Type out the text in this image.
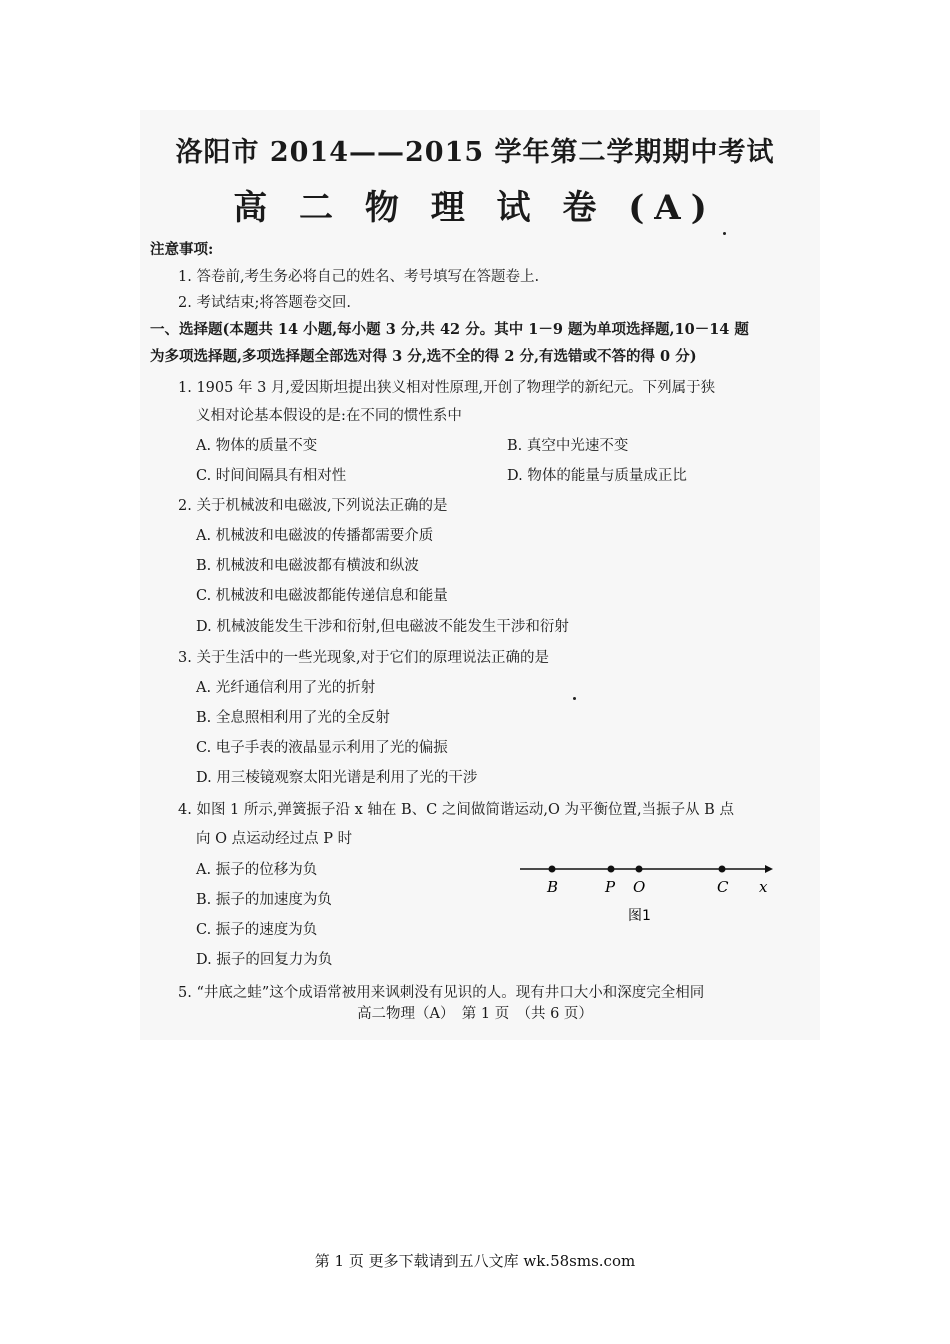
洛阳市 2014——2015 学年第二学期期中考试
高 二 物 理 试 卷 (A)
注意事项:
1. 答卷前,考生务必将自己的姓名、考号填写在答题卷上.
2. 考试结束;将答题卷交回.
一、选择题(本题共 14 小题,每小题 3 分,共 42 分。其中 1－9 题为单项选择题,10－14 题
为多项选择题,多项选择题全部选对得 3 分,选不全的得 2 分,有选错或不答的得 0 分)
1. 1905 年 3 月,爱因斯坦提出狭义相对性原理,开创了物理学的新纪元。下列属于狭
义相对论基本假设的是:在不同的惯性系中
A. 物体的质量不变	B. 真空中光速不变
C. 时间间隔具有相对性	D. 物体的能量与质量成正比
2. 关于机械波和电磁波,下列说法正确的是
A. 机械波和电磁波的传播都需要介质
B. 机械波和电磁波都有横波和纵波
C. 机械波和电磁波都能传递信息和能量
D. 机械波能发生干涉和衍射,但电磁波不能发生干涉和衍射
3. 关于生活中的一些光现象,对于它们的原理说法正确的是
A. 光纤通信利用了光的折射
B. 全息照相利用了光的全反射
C. 电子手表的液晶显示利用了光的偏振
D. 用三棱镜观察太阳光谱是利用了光的干涉
4. 如图 1 所示,弹簧振子沿 x 轴在 B、C 之间做简谐运动,O 为平衡位置,当振子从 B 点
向 O 点运动经过点 P 时
A. 振子的位移为负
B. 振子的加速度为负
C. 振子的速度为负
D. 振子的回复力为负
B	P O	C x
图1
5. “井底之蛙”这个成语常被用来讽刺没有见识的人。现有井口大小和深度完全相同
高二物理（A）　第 1 页　（共 6 页）
第 1 页 更多下载请到五八文库 wk.58sms.com
